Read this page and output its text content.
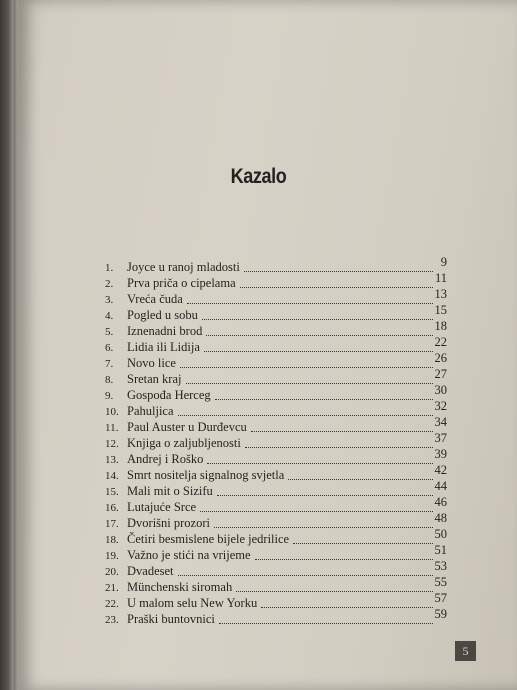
Kazalo
1.	Joyce u ranoj mladosti	9
2.	Prva priča o cipelama	11
3.	Vreća čuda	13
4.	Pogled u sobu	15
5.	Iznenadni brod	18
6.	Lidia ili Lidija	22
7.	Novo lice	26
8.	Sretan kraj	27
9.	Gospođa Herceg	30
10. Pahuljica	32
11. Paul Auster u Durđevcu	34
12. Knjiga o zaljubljenosti	37
13. Andrej i Roško	39
14. Smrt nositelja signalnog svjetla	42
15. Mali mit o Sizifu	44
16. Lutajuće Srce	46
17. Dvorišni prozori	48
18. Četiri besmislene bijele jedrilice	50
19. Važno je stići na vrijeme	51
20. Dvadeset	53
21. Münchenski siromah	55
22. U malom selu New Yorku	57
23. Praški buntovnici	59
5
